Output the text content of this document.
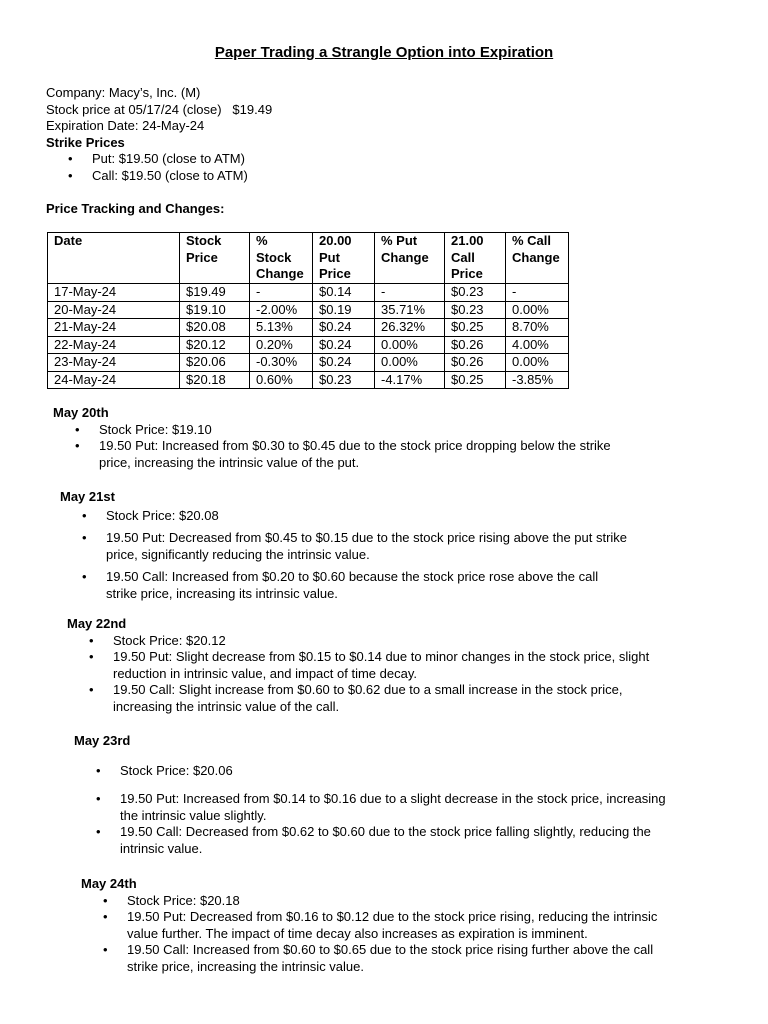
Paper Trading a Strangle Option into Expiration
Company: Macy’s, Inc. (M)
Stock price at 05/17/24 (close)   $19.49
Expiration Date: 24-May-24
Strike Prices
• Put: $19.50 (close to ATM)
• Call: $19.50 (close to ATM)
Price Tracking and Changes:
Date	Stock Price	% Stock Change	20.00 Put Price	% Put Change	21.00 Call Price	% Call Change
17-May-24	$19.49	-	$0.14	-	$0.23	-
20-May-24	$19.10	-2.00%	$0.19	35.71%	$0.23	0.00%
21-May-24	$20.08	5.13%	$0.24	26.32%	$0.25	8.70%
22-May-24	$20.12	0.20%	$0.24	0.00%	$0.26	4.00%
23-May-24	$20.06	-0.30%	$0.24	0.00%	$0.26	0.00%
24-May-24	$20.18	0.60%	$0.23	-4.17%	$0.25	-3.85%
May 20th
• Stock Price: $19.10
• 19.50 Put: Increased from $0.30 to $0.45 due to the stock price dropping below the strike price, increasing the intrinsic value of the put.
May 21st
• Stock Price: $20.08
• 19.50 Put: Decreased from $0.45 to $0.15 due to the stock price rising above the put strike price, significantly reducing the intrinsic value.
• 19.50 Call: Increased from $0.20 to $0.60 because the stock price rose above the call strike price, increasing its intrinsic value.
May 22nd
• Stock Price: $20.12
• 19.50 Put: Slight decrease from $0.15 to $0.14 due to minor changes in the stock price, slight reduction in intrinsic value, and impact of time decay.
• 19.50 Call: Slight increase from $0.60 to $0.62 due to a small increase in the stock price, increasing the intrinsic value of the call.
May 23rd
• Stock Price: $20.06
• 19.50 Put: Increased from $0.14 to $0.16 due to a slight decrease in the stock price, increasing the intrinsic value slightly.
• 19.50 Call: Decreased from $0.62 to $0.60 due to the stock price falling slightly, reducing the intrinsic value.
May 24th
• Stock Price: $20.18
• 19.50 Put: Decreased from $0.16 to $0.12 due to the stock price rising, reducing the intrinsic value further. The impact of time decay also increases as expiration is imminent.
• 19.50 Call: Increased from $0.60 to $0.65 due to the stock price rising further above the call strike price, increasing the intrinsic value.
